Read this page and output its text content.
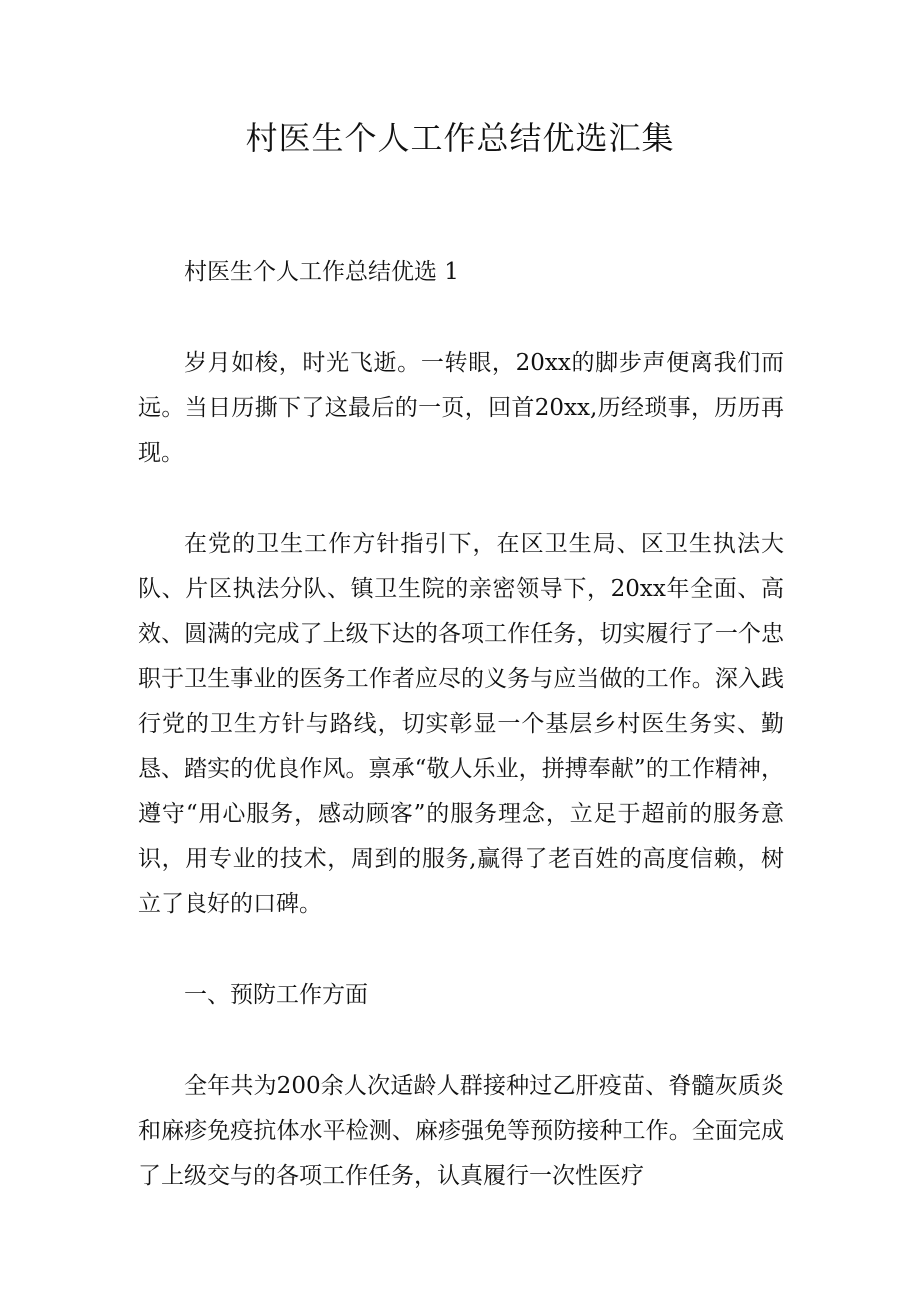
村医生个人工作总结优选汇集

村医生个人工作总结优选 1

岁月如梭，时光飞逝。一转眼，20xx的脚步声便离我们而远。当日历撕下了这最后的一页，回首20xx,历经琐事，历历再现。

在党的卫生工作方针指引下，在区卫生局、区卫生执法大队、片区执法分队、镇卫生院的亲密领导下，20xx年全面、高效、圆满的完成了上级下达的各项工作任务，切实履行了一个忠职于卫生事业的医务工作者应尽的义务与应当做的工作。深入践行党的卫生方针与路线，切实彰显一个基层乡村医生务实、勤恳、踏实的优良作风。禀承“敬人乐业，拼搏奉献”的工作精神，遵守“用心服务，感动顾客”的服务理念，立足于超前的服务意识，用专业的技术，周到的服务,赢得了老百姓的高度信赖，树立了良好的口碑。

一、预防工作方面

全年共为200余人次适龄人群接种过乙肝疫苗、脊髓灰质炎和麻疹免疫抗体水平检测、麻疹强免等预防接种工作。全面完成了上级交与的各项工作任务，认真履行一次性医疗
